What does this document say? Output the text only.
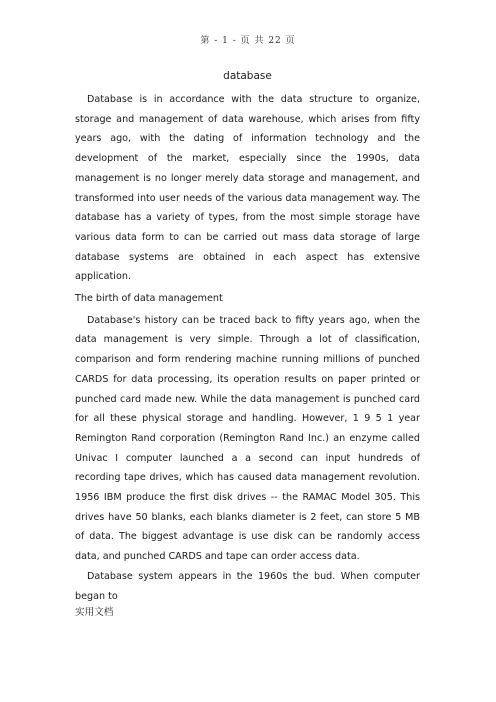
第 - 1 - 页 共 22 页
database

Database is in accordance with the data structure to organize, storage and management of data warehouse, which arises from fifty years ago, with the dating of information technology and the development of the market, especially since the 1990s, data management is no longer merely data storage and management, and transformed into user needs of the various data management way. The database has a variety of types, from the most simple storage have various data form to can be carried out mass data storage of large database systems are obtained in each aspect has extensive application.

The birth of data management

Database's history can be traced back to fifty years ago, when the data management is very simple. Through a lot of classification, comparison and form rendering machine running millions of punched CARDS for data processing, its operation results on paper printed or punched card made new. While the data management is punched card for all these physical storage and handling. However, 1 9 5 1 year Remington Rand corporation (Remington Rand Inc.) an enzyme called Univac I computer launched a a second can input hundreds of recording tape drives, which has caused data management revolution. 1956 IBM produce the first disk drives -- the RAMAC Model 305. This drives have 50 blanks, each blanks diameter is 2 feet, can store 5 MB of data. The biggest advantage is use disk can be randomly access data, and punched CARDS and tape can order access data.

Database system appears in the 1960s the bud. When computer began to

实用文档
